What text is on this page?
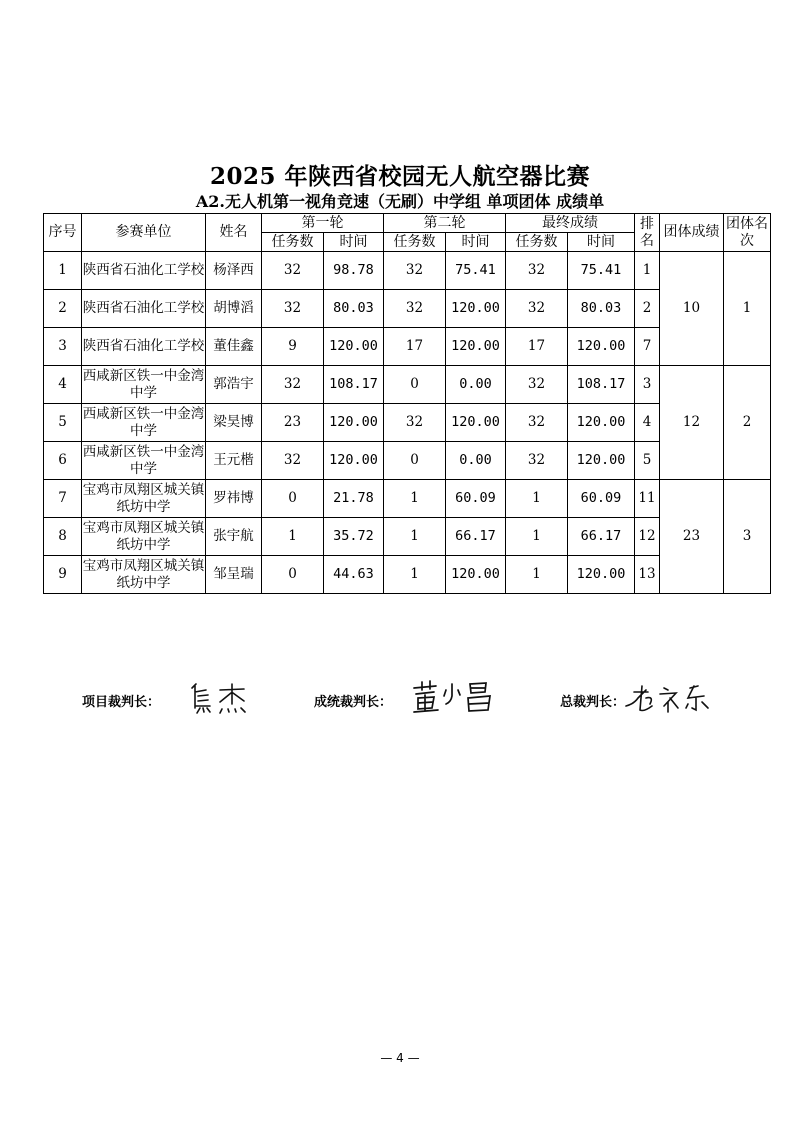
2025 年陕西省校园无人航空器比赛
A2.无人机第一视角竞速（无刷）中学组 单项团体 成绩单
序号	参赛单位	姓名	第一轮		第二轮		最终成绩		排名	团体成绩	团体名次
			任务数	时间	任务数	时间	任务数	时间			
1	陕西省石油化工学校	杨泽西	32	98.78	32	75.41	32	75.41	1	10	1
2	陕西省石油化工学校	胡博滔	32	80.03	32	120.00	32	80.03	2		
3	陕西省石油化工学校	董佳鑫	9	120.00	17	120.00	17	120.00	7		
4	西咸新区铁一中金湾中学	郭浩宇	32	108.17	0	0.00	32	108.17	3	12	2
5	西咸新区铁一中金湾中学	梁昊博	23	120.00	32	120.00	32	120.00	4		
6	西咸新区铁一中金湾中学	王元楷	32	120.00	0	0.00	32	120.00	5		
7	宝鸡市凤翔区城关镇纸坊中学	罗祎博	0	21.78	1	60.09	1	60.09	11	23	3
8	宝鸡市凤翔区城关镇纸坊中学	张宇航	1	35.72	1	66.17	1	66.17	12		
9	宝鸡市凤翔区城关镇纸坊中学	邹呈瑞	0	44.63	1	120.00	1	120.00	13		
项目裁判长：	成统裁判长：	总裁判长：
— 4 —
